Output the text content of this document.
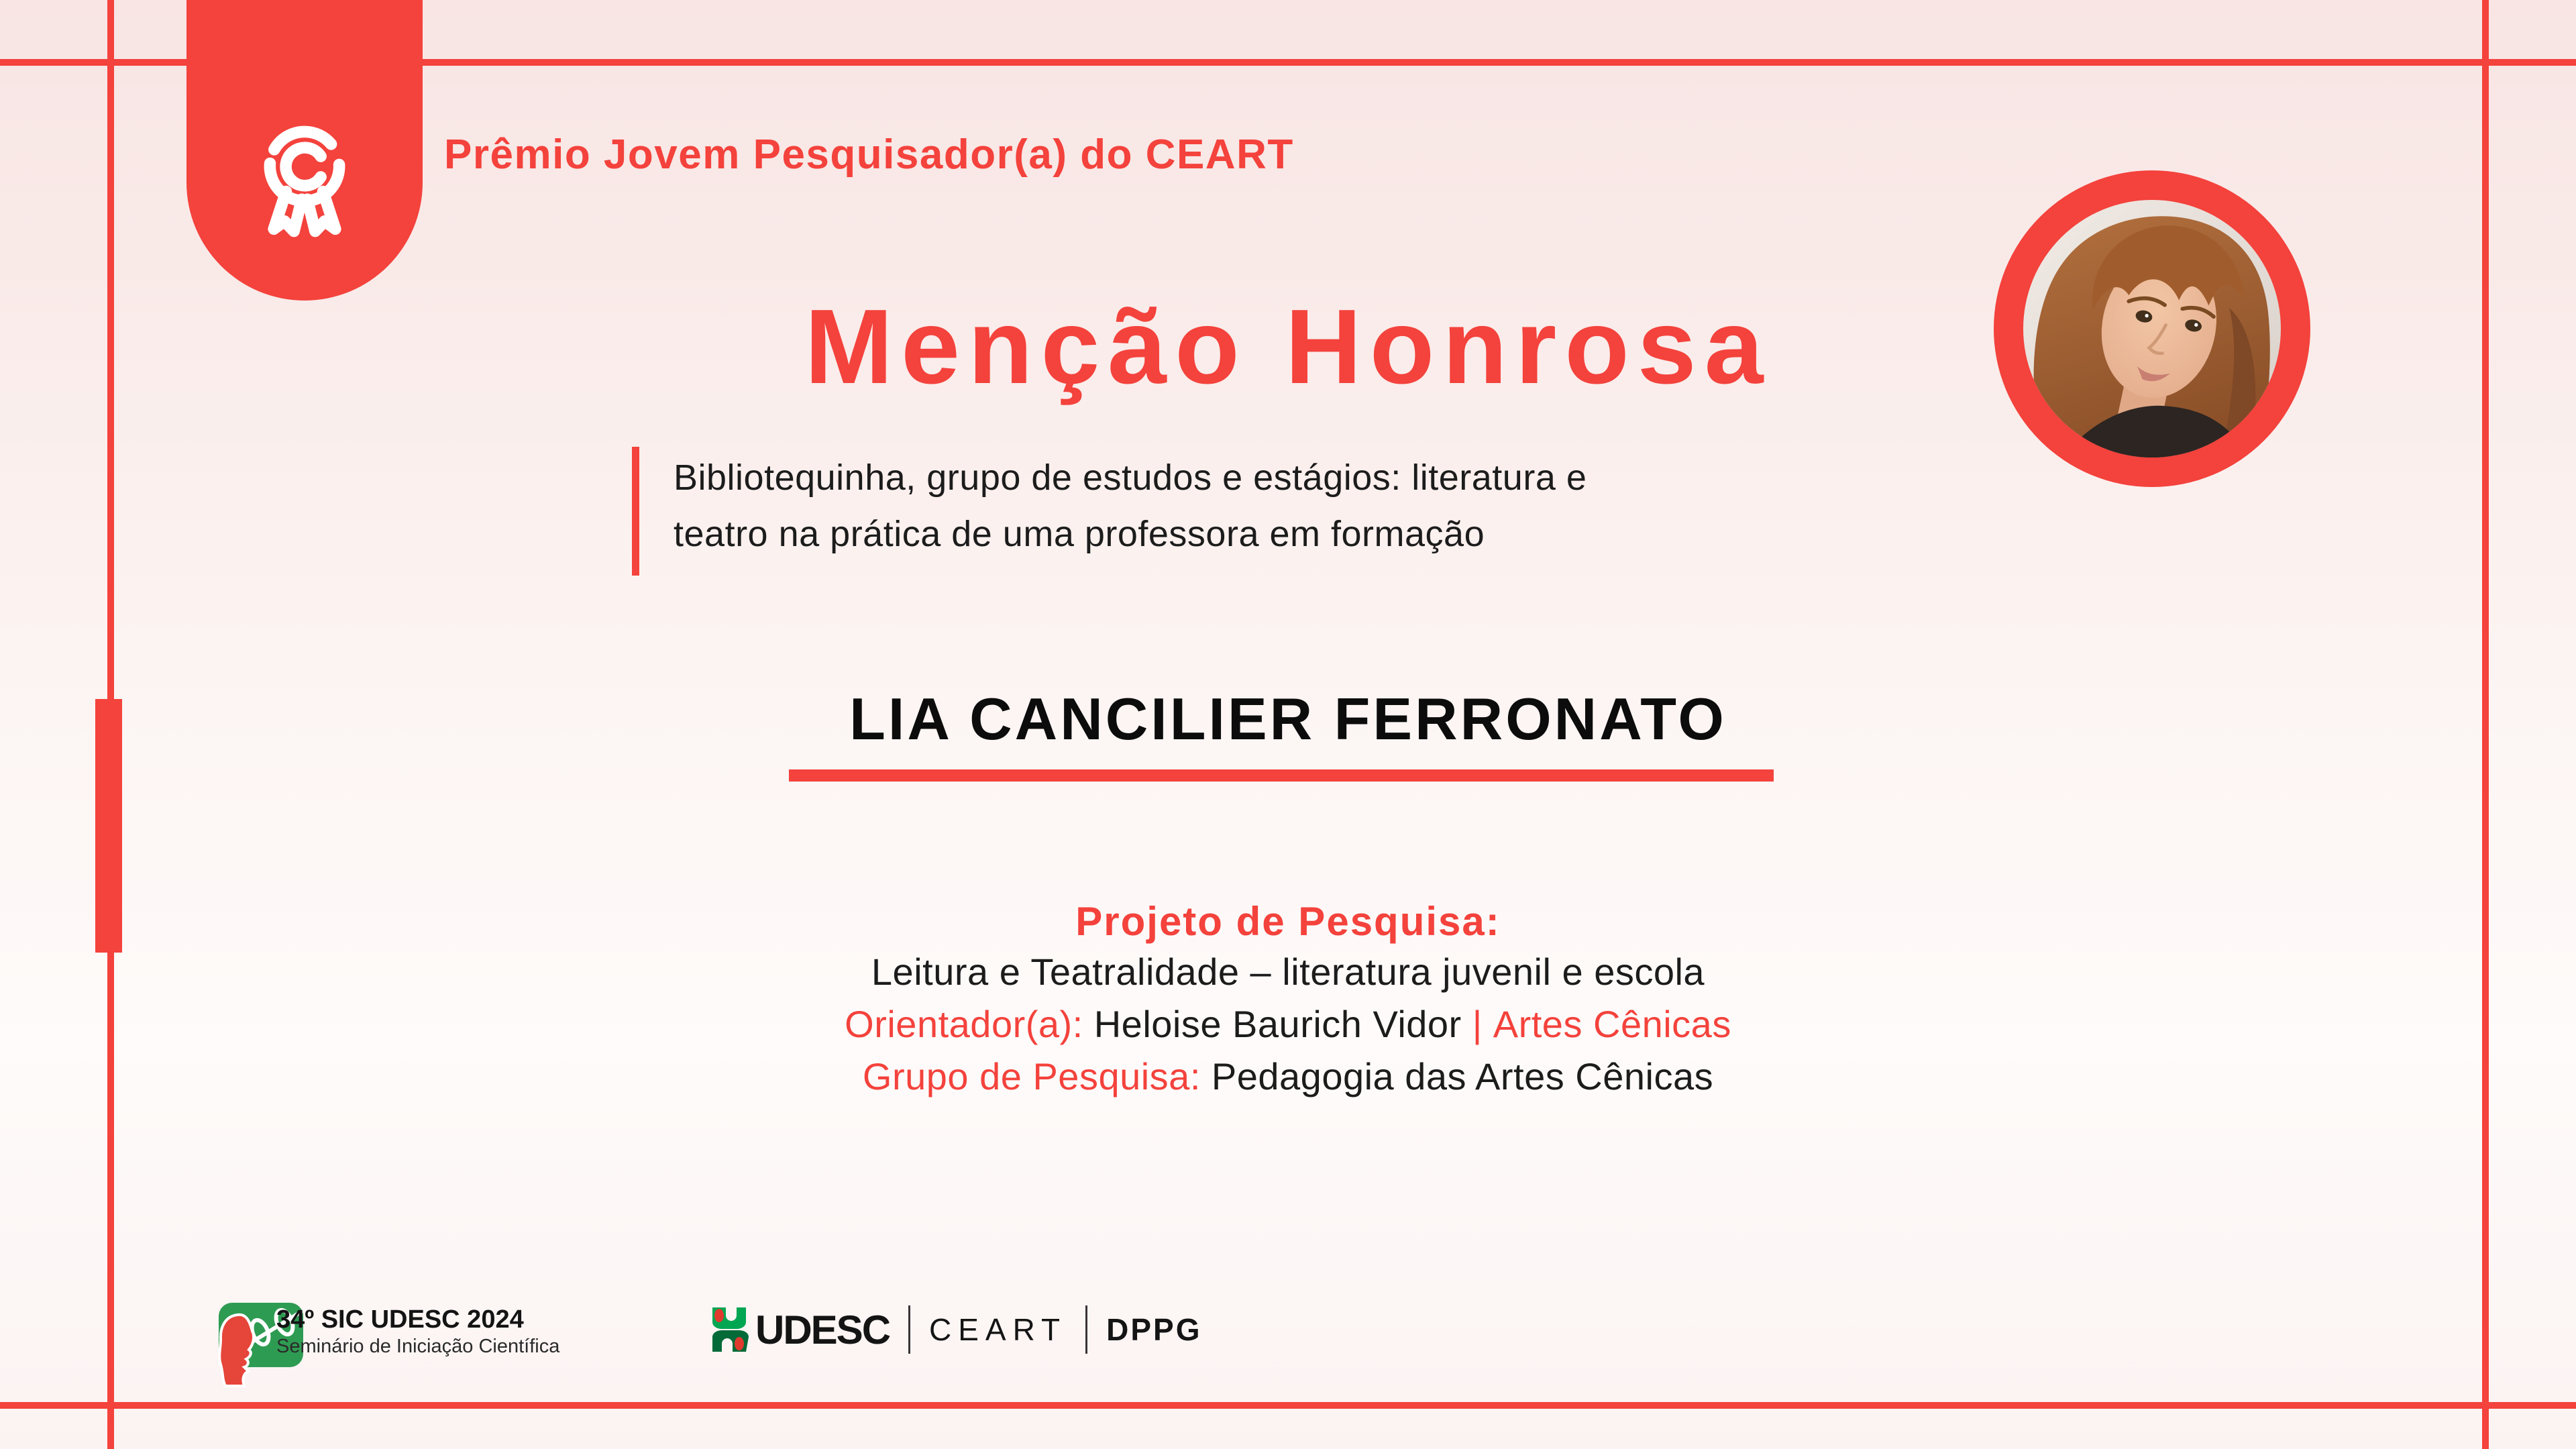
Prêmio Jovem Pesquisador(a) do CEART
Menção Honrosa
Bibliotequinha, grupo de estudos e estágios: literatura e
teatro na prática de uma professora em formação
LIA CANCILIER FERRONATO
Projeto de Pesquisa:
Leitura e Teatralidade – literatura juvenil e escola
Orientador(a): Heloise Baurich Vidor | Artes Cênicas
Grupo de Pesquisa: Pedagogia das Artes Cênicas
34º SIC UDESC 2024
Seminário de Iniciação Científica	UDESC CEART DPPG
